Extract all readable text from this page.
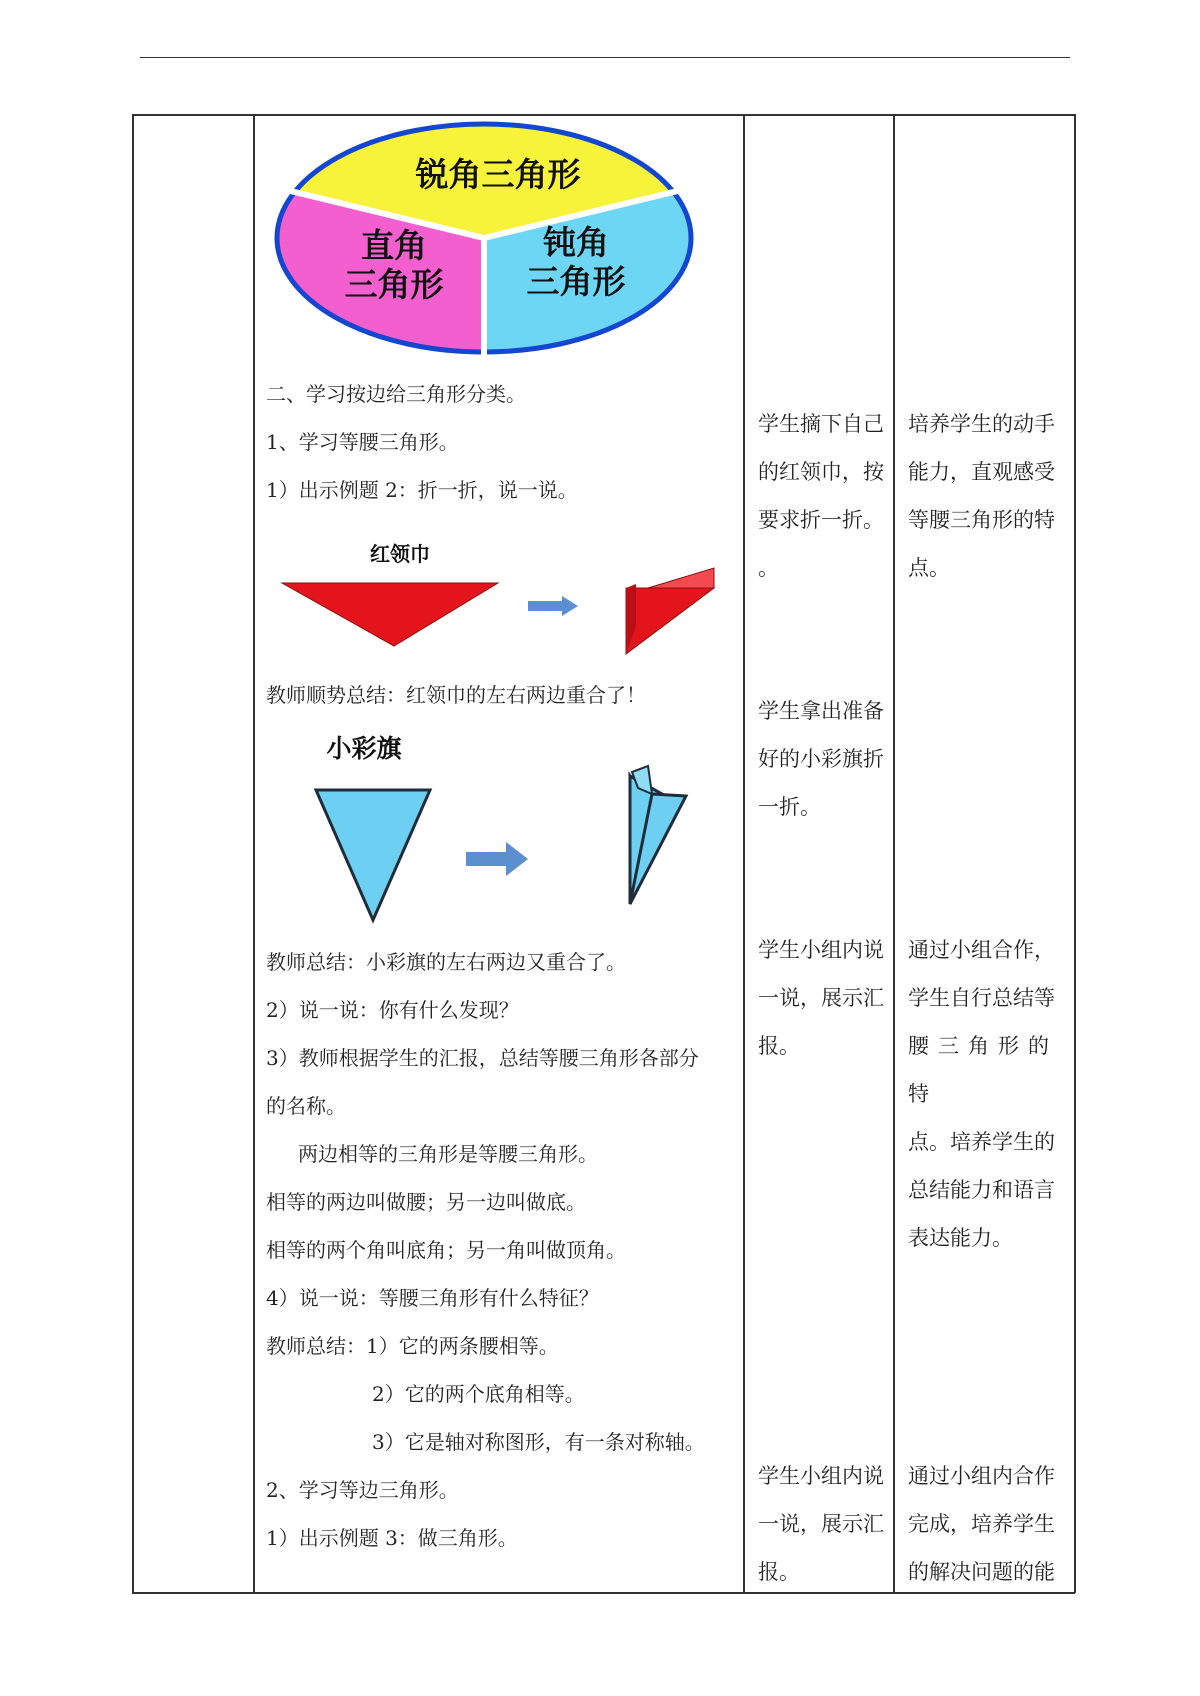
锐角三角形
直角
三角形
钝角
三角形
二、学习按边给三角形分类。
1、学习等腰三角形。
1）出示例题 2：折一折，说一说。
红领巾
教师顺势总结：红领巾的左右两边重合了！
小彩旗
教师总结：小彩旗的左右两边又重合了。
2）说一说：你有什么发现？
3）教师根据学生的汇报，总结等腰三角形各部分
的名称。
两边相等的三角形是等腰三角形。
相等的两边叫做腰；另一边叫做底。
相等的两个角叫底角；另一角叫做顶角。
4）说一说：等腰三角形有什么特征？
教师总结：1）它的两条腰相等。
2）它的两个底角相等。
3）它是轴对称图形，有一条对称轴。
2、学习等边三角形。
1）出示例题 3：做三角形。
学生摘下自己
的红领巾，按
要求折一折。
。
学生拿出准备
好的小彩旗折
一折。
学生小组内说
一说，展示汇
报。
学生小组内说
一说，展示汇
报。
培养学生的动手
能力，直观感受
等腰三角形的特
点。
通过小组合作，
学生自行总结等
腰三角形的特
点。培养学生的
总结能力和语言
表达能力。
通过小组内合作
完成，培养学生
的解决问题的能
